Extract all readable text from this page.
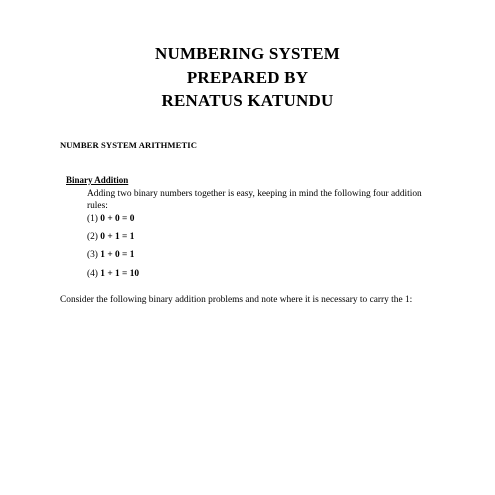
NUMBERING SYSTEM
PREPARED BY
RENATUS KATUNDU
NUMBER SYSTEM ARITHMETIC
Binary Addition
Adding two binary numbers together is easy, keeping in mind the following four addition rules:
(1) 0 + 0 = 0
(2) 0 + 1 = 1
(3) 1 + 0 = 1
(4) 1 + 1 = 10
Consider the following binary addition problems and note where it is necessary to carry the 1:
